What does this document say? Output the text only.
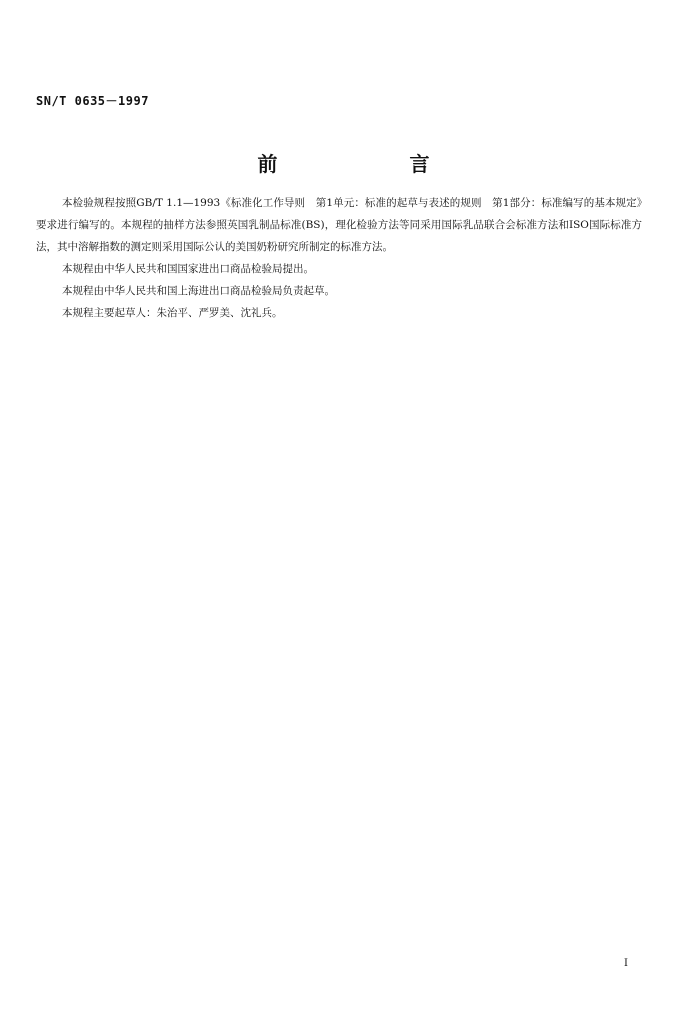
SN/T 0635－1997
前　言

本检验规程按照GB/T 1.1—1993《标准化工作导则　第1单元：标准的起草与表述的规则　第1部分：标准编写的基本规定》要求进行编写的。本规程的抽样方法参照英国乳制品标准(BS)，理化检验方法等同采用国际乳品联合会标准方法和ISO国际标准方法，其中溶解指数的测定则采用国际公认的美国奶粉研究所制定的标准方法。

本规程由中华人民共和国国家进出口商品检验局提出。

本规程由中华人民共和国上海进出口商品检验局负责起草。

本规程主要起草人：朱治平、严罗美、沈礼兵。

I
